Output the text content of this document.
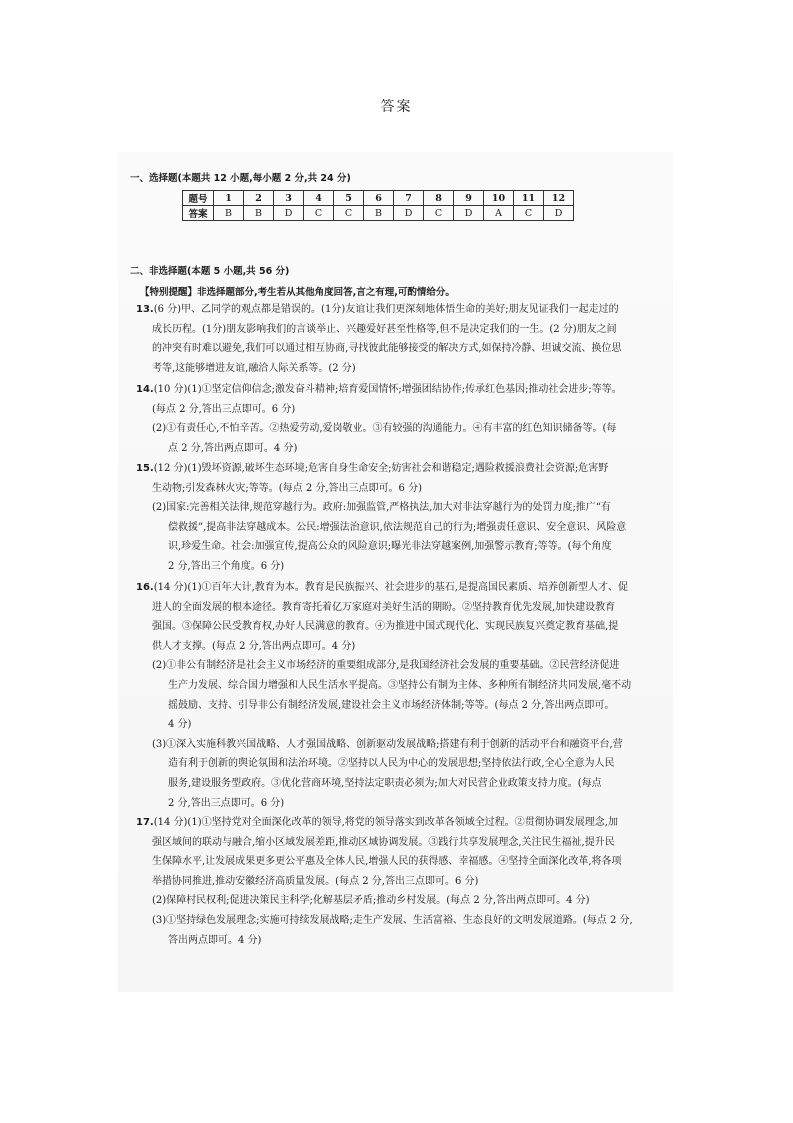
答案
一、选择题(本题共 12 小题,每小题 2 分,共 24 分)
题号	1	2	3	4	5	6	7	8	9	10	11	12
答案	B	B	D	C	C	B	D	C	D	A	C	D
二、非选择题(本题 5 小题,共 56 分)
【特别提醒】非选择题部分,考生若从其他角度回答,言之有理,可酌情给分。
13.(6 分)甲、乙同学的观点都是错误的。(1分)友谊让我们更深刻地体悟生命的美好;朋友见证我们一起走过的
成长历程。(1分)朋友影响我们的言谈举止、兴趣爱好甚至性格等,但不是决定我们的一生。(2 分)朋友之间
的冲突有时难以避免,我们可以通过相互协商,寻找彼此能够接受的解决方式,如保持冷静、坦诚交流、换位思
考等,这能够增进友谊,融洽人际关系等。(2 分)
14.(10 分)(1)①坚定信仰信念;激发奋斗精神;培育爱国情怀;增强团结协作;传承红色基因;推动社会进步;等等。
(每点 2 分,答出三点即可。6 分)
(2)①有责任心,不怕辛苦。②热爱劳动,爱岗敬业。③有较强的沟通能力。④有丰富的红色知识储备等。(每
点 2 分,答出两点即可。4 分)
15.(12 分)(1)毁坏资源,破坏生态环境;危害自身生命安全;妨害社会和谐稳定;遇险救援浪费社会资源;危害野
生动物;引发森林火灾;等等。(每点 2 分,答出三点即可。6 分)
(2)国家:完善相关法律,规范穿越行为。政府:加强监管,严格执法,加大对非法穿越行为的处罚力度;推广“有
偿救援”,提高非法穿越成本。公民:增强法治意识,依法规范自己的行为;增强责任意识、安全意识、风险意
识,珍爱生命。社会:加强宣传,提高公众的风险意识;曝光非法穿越案例,加强警示教育;等等。(每个角度
2 分,答出三个角度。6 分)
16.(14 分)(1)①百年大计,教育为本。教育是民族振兴、社会进步的基石,是提高国民素质、培养创新型人才、促
进人的全面发展的根本途径。教育寄托着亿万家庭对美好生活的期盼。②坚持教育优先发展,加快建设教育
强国。③保障公民受教育权,办好人民满意的教育。④为推进中国式现代化、实现民族复兴奠定教育基础,提
供人才支撑。(每点 2 分,答出两点即可。4 分)
(2)①非公有制经济是社会主义市场经济的重要组成部分,是我国经济社会发展的重要基础。②民营经济促进
生产力发展、综合国力增强和人民生活水平提高。③坚持公有制为主体、多种所有制经济共同发展,毫不动
摇鼓励、支持、引导非公有制经济发展,建设社会主义市场经济体制;等等。(每点 2 分,答出两点即可。
4 分)
(3)①深入实施科教兴国战略、人才强国战略、创新驱动发展战略;搭建有利于创新的活动平台和融资平台,营
造有利于创新的舆论氛围和法治环境。②坚持以人民为中心的发展思想;坚持依法行政,全心全意为人民
服务,建设服务型政府。③优化营商环境,坚持法定职责必须为;加大对民营企业政策支持力度。(每点
2 分,答出三点即可。6 分)
17.(14 分)(1)①坚持党对全面深化改革的领导,将党的领导落实到改革各领域全过程。②贯彻协调发展理念,加
强区域间的联动与融合,缩小区域发展差距,推动区域协调发展。③践行共享发展理念,关注民生福祉,提升民
生保障水平,让发展成果更多更公平惠及全体人民,增强人民的获得感、幸福感。④坚持全面深化改革,将各项
举措协同推进,推动安徽经济高质量发展。(每点 2 分,答出三点即可。6 分)
(2)保障村民权利;促进决策民主科学;化解基层矛盾;推动乡村发展。(每点 2 分,答出两点即可。4 分)
(3)①坚持绿色发展理念;实施可持续发展战略;走生产发展、生活富裕、生态良好的文明发展道路。(每点 2 分,
答出两点即可。4 分)
